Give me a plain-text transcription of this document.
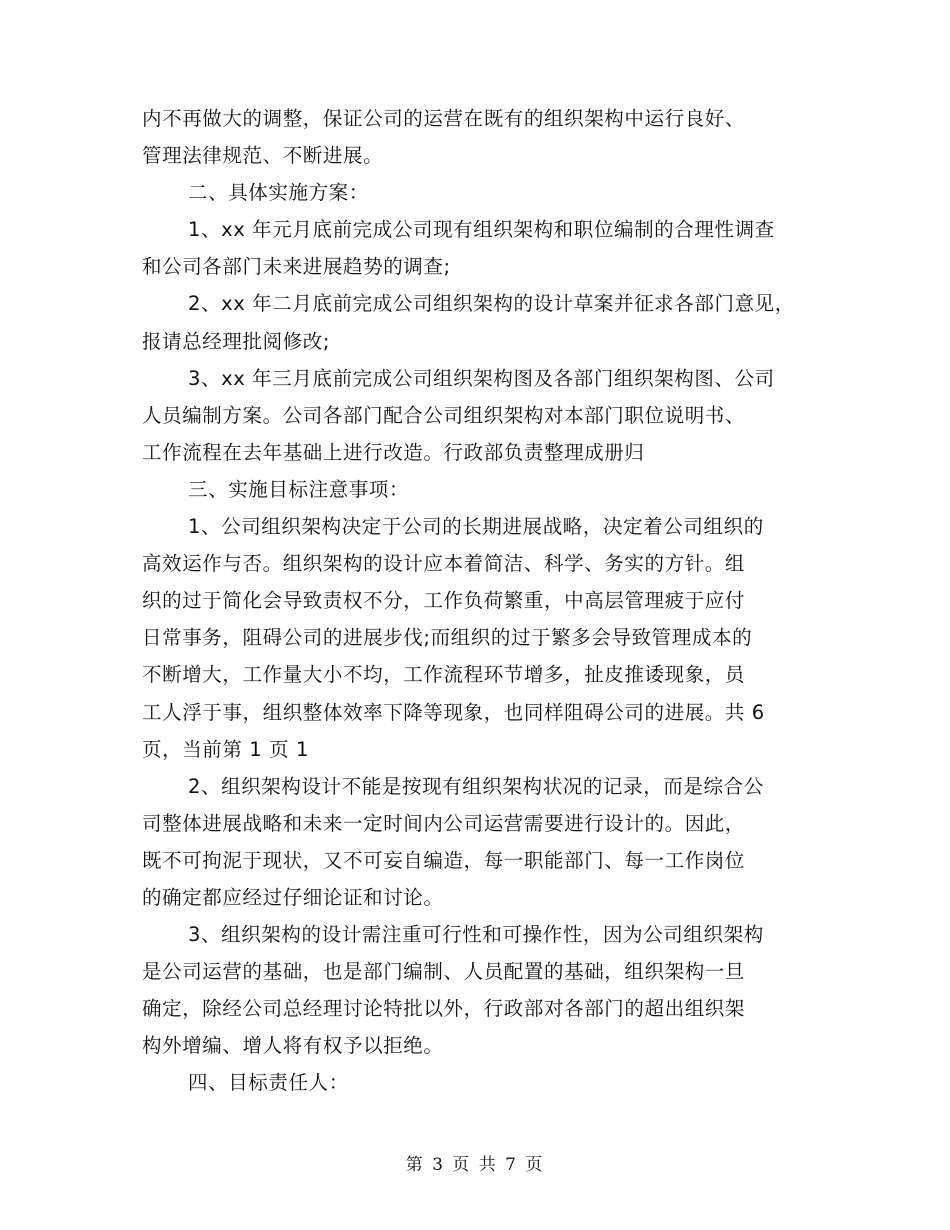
内不再做大的调整，保证公司的运营在既有的组织架构中运行良好、
管理法律规范、不断进展。
二、具体实施方案：
1、xx 年元月底前完成公司现有组织架构和职位编制的合理性调查
和公司各部门未来进展趋势的调查;
2、xx 年二月底前完成公司组织架构的设计草案并征求各部门意见，
报请总经理批阅修改;
3、xx 年三月底前完成公司组织架构图及各部门组织架构图、公司
人员编制方案。公司各部门配合公司组织架构对本部门职位说明书、
工作流程在去年基础上进行改造。行政部负责整理成册归
三、实施目标注意事项：
1、公司组织架构决定于公司的长期进展战略，决定着公司组织的
高效运作与否。组织架构的设计应本着简洁、科学、务实的方针。组
织的过于简化会导致责权不分，工作负荷繁重，中高层管理疲于应付
日常事务，阻碍公司的进展步伐;而组织的过于繁多会导致管理成本的
不断增大，工作量大小不均，工作流程环节增多，扯皮推诿现象，员
工人浮于事，组织整体效率下降等现象，也同样阻碍公司的进展。共 6
页，当前第 1 页 1
2、组织架构设计不能是按现有组织架构状况的记录，而是综合公
司整体进展战略和未来一定时间内公司运营需要进行设计的。因此，
既不可拘泥于现状，又不可妄自编造，每一职能部门、每一工作岗位
的确定都应经过仔细论证和讨论。
3、组织架构的设计需注重可行性和可操作性，因为公司组织架构
是公司运营的基础，也是部门编制、人员配置的基础，组织架构一旦
确定，除经公司总经理讨论特批以外，行政部对各部门的超出组织架
构外增编、增人将有权予以拒绝。
四、目标责任人：
第 3 页 共 7 页
